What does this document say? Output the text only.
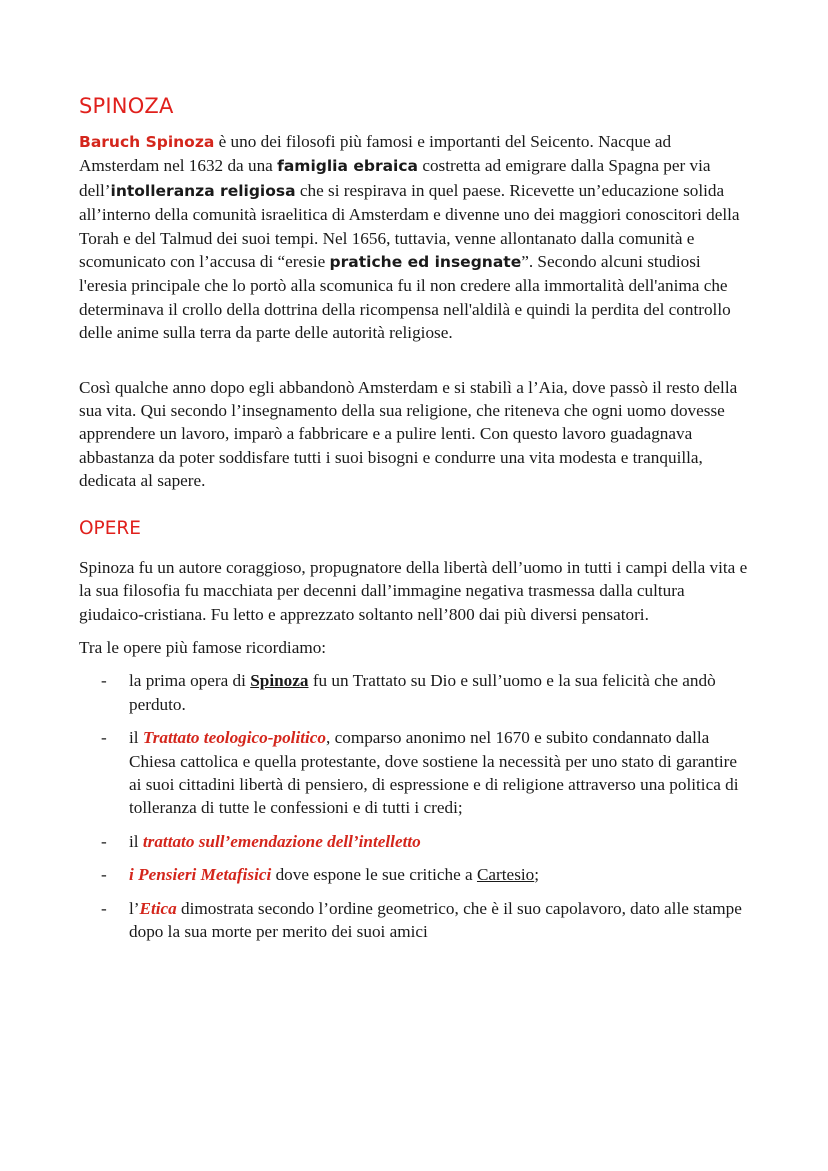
SPINOZA

Baruch Spinoza è uno dei filosofi più famosi e importanti del Seicento. Nacque ad Amsterdam nel 1632 da una famiglia ebraica costretta ad emigrare dalla Spagna per via dell’intolleranza religiosa che si respirava in quel paese. Ricevette un’educazione solida all’interno della comunità israelitica di Amsterdam e divenne uno dei maggiori conoscitori della Torah e del Talmud dei suoi tempi. Nel 1656, tuttavia, venne allontanato dalla comunità e scomunicato con l’accusa di “eresie pratiche ed insegnate”. Secondo alcuni studiosi l'eresia principale che lo portò alla scomunica fu il non credere alla immortalità dell'anima che determinava il crollo della dottrina della ricompensa nell'aldilà e quindi la perdita del controllo delle anime sulla terra da parte delle autorità religiose.

Così qualche anno dopo egli abbandonò Amsterdam e si stabilì a l’Aia, dove passò il resto della sua vita. Qui secondo l’insegnamento della sua religione, che riteneva che ogni uomo dovesse apprendere un lavoro, imparò a fabbricare e a pulire lenti. Con questo lavoro guadagnava abbastanza da poter soddisfare tutti i suoi bisogni e condurre una vita modesta e tranquilla, dedicata al sapere.

OPERE

Spinoza fu un autore coraggioso, propugnatore della libertà dell’uomo in tutti i campi della vita e la sua filosofia fu macchiata per decenni dall’immagine negativa trasmessa dalla cultura giudaico-cristiana. Fu letto e apprezzato soltanto nell’800 dai più diversi pensatori.

Tra le opere più famose ricordiamo:

- la prima opera di Spinoza fu un Trattato su Dio e sull’uomo e la sua felicità che andò perduto.
- il Trattato teologico-politico, comparso anonimo nel 1670 e subito condannato dalla Chiesa cattolica e quella protestante, dove sostiene la necessità per uno stato di garantire ai suoi cittadini libertà di pensiero, di espressione e di religione attraverso una politica di tolleranza di tutte le confessioni e di tutti i credi;
- il trattato sull’emendazione dell’intelletto
- i Pensieri Metafisici dove espone le sue critiche a Cartesio;
- l’Etica dimostrata secondo l’ordine geometrico, che è il suo capolavoro, dato alle stampe dopo la sua morte per merito dei suoi amici
